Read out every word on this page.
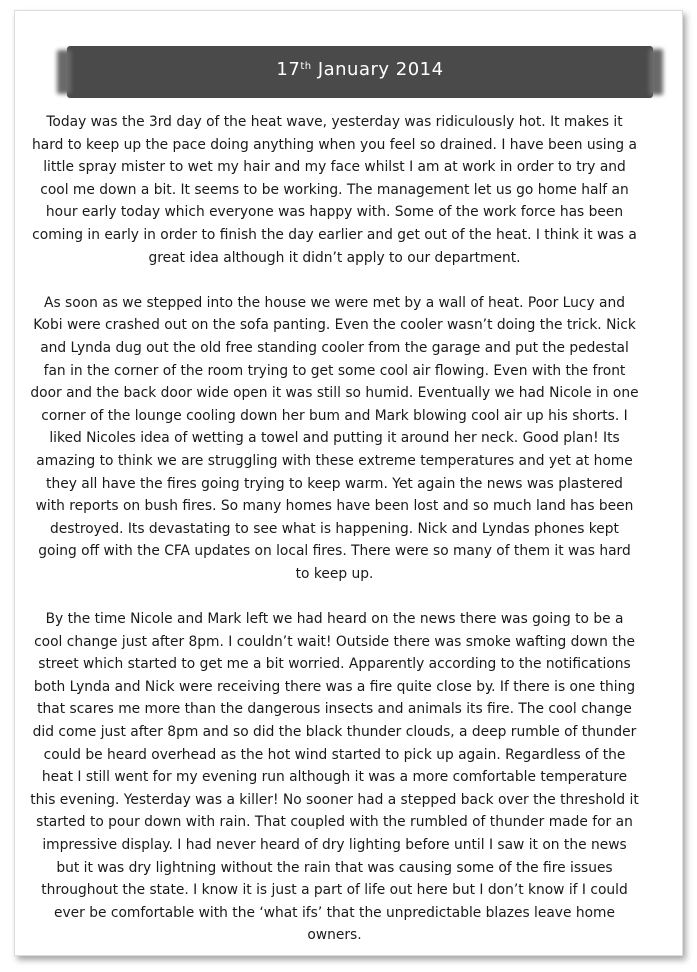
17th January 2014

Today was the 3rd day of the heat wave, yesterday was ridiculously hot. It makes it hard to keep up the pace doing anything when you feel so drained. I have been using a little spray mister to wet my hair and my face whilst I am at work in order to try and cool me down a bit. It seems to be working. The management let us go home half an hour early today which everyone was happy with. Some of the work force has been coming in early in order to finish the day earlier and get out of the heat. I think it was a great idea although it didn’t apply to our department.

As soon as we stepped into the house we were met by a wall of heat. Poor Lucy and Kobi were crashed out on the sofa panting. Even the cooler wasn’t doing the trick. Nick and Lynda dug out the old free standing cooler from the garage and put the pedestal fan in the corner of the room trying to get some cool air flowing. Even with the front door and the back door wide open it was still so humid. Eventually we had Nicole in one corner of the lounge cooling down her bum and Mark blowing cool air up his shorts. I liked Nicoles idea of wetting a towel and putting it around her neck. Good plan! Its amazing to think we are struggling with these extreme temperatures and yet at home they all have the fires going trying to keep warm. Yet again the news was plastered with reports on bush fires. So many homes have been lost and so much land has been destroyed. Its devastating to see what is happening. Nick and Lyndas phones kept going off with the CFA updates on local fires. There were so many of them it was hard to keep up.

By the time Nicole and Mark left we had heard on the news there was going to be a cool change just after 8pm. I couldn’t wait! Outside there was smoke wafting down the street which started to get me a bit worried. Apparently according to the notifications both Lynda and Nick were receiving there was a fire quite close by. If there is one thing that scares me more than the dangerous insects and animals its fire. The cool change did come just after 8pm and so did the black thunder clouds, a deep rumble of thunder could be heard overhead as the hot wind started to pick up again. Regardless of the heat I still went for my evening run although it was a more comfortable temperature this evening. Yesterday was a killer! No sooner had a stepped back over the threshold it started to pour down with rain. That coupled with the rumbled of thunder made for an impressive display. I had never heard of dry lighting before until I saw it on the news but it was dry lightning without the rain that was causing some of the fire issues throughout the state. I know it is just a part of life out here but I don’t know if I could ever be comfortable with the ‘what ifs’ that the unpredictable blazes leave home owners.
